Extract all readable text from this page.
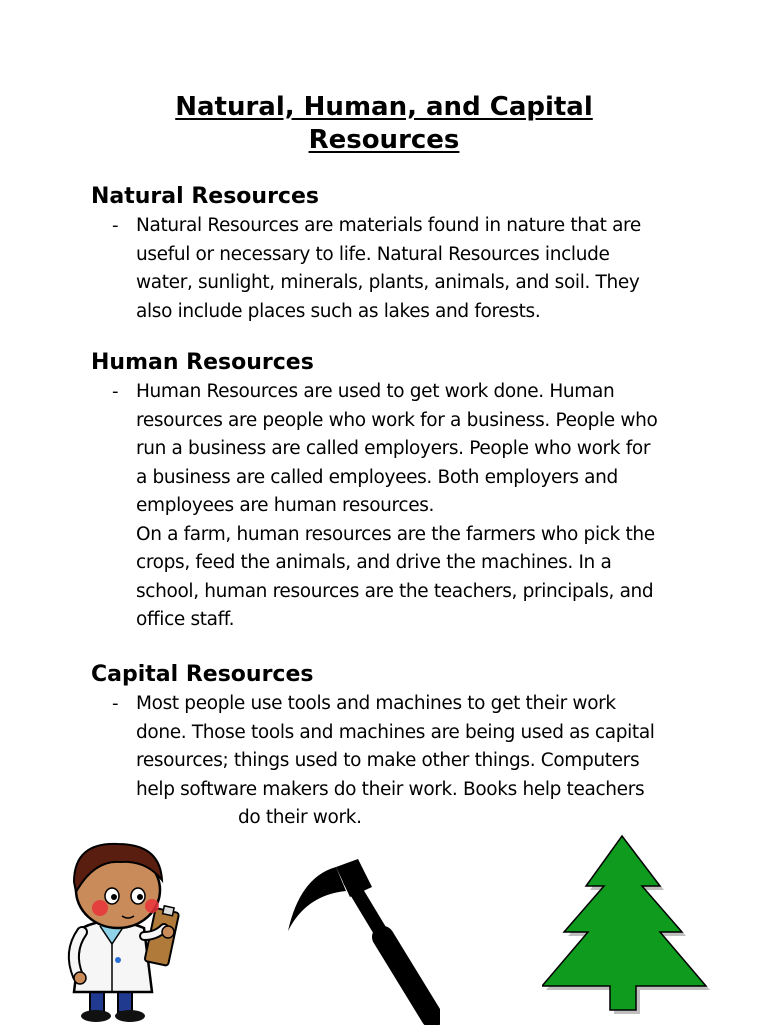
Natural, Human, and Capital
Resources
Natural Resources
- Natural Resources are materials found in nature that are
useful or necessary to life. Natural Resources include
water, sunlight, minerals, plants, animals, and soil. They
also include places such as lakes and forests.
Human Resources
- Human Resources are used to get work done. Human
resources are people who work for a business. People who
run a business are called employers. People who work for
a business are called employees. Both employers and
employees are human resources.
On a farm, human resources are the farmers who pick the
crops, feed the animals, and drive the machines. In a
school, human resources are the teachers, principals, and
office staff.
Capital Resources
- Most people use tools and machines to get their work
done. Those tools and machines are being used as capital
resources; things used to make other things. Computers
help software makers do their work. Books help teachers
do their work.
